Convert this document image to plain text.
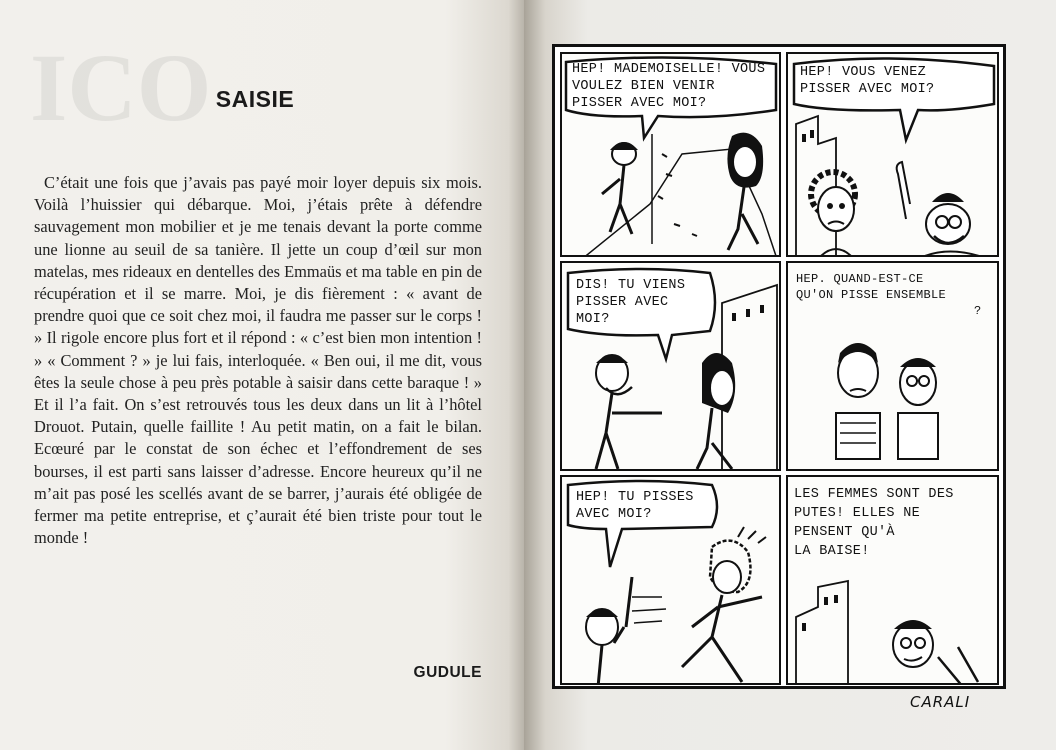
ICO SAISIE

C’était une fois que j’avais pas payé moir loyer depuis six mois. Voilà l’huissier qui débarque. Moi, j’étais prête à défendre sauvagement mon mobilier et je me tenais devant la porte comme une lionne au seuil de sa tanière. Il jette un coup d’œil sur mon matelas, mes rideaux en dentelles des Emmaüs et ma table en pin de récupération et il se marre. Moi, je dis fièrement : « avant de prendre quoi que ce soit chez moi, il faudra me passer sur le corps ! » Il rigole encore plus fort et il répond : « c’est bien mon intention ! » « Comment ? » je lui fais, interloquée. « Ben oui, il me dit, vous êtes la seule chose à peu près potable à saisir dans cette baraque ! » Et il l’a fait. On s’est retrouvés tous les deux dans un lit à l’hôtel Drouot. Putain, quelle faillite ! Au petit matin, on a fait le bilan. Ecœuré par le constat de son échec et l’effondrement de ses bourses, il est parti sans laisser d’adresse. Encore heureux qu’il ne m’ait pas posé les scellés avant de se barrer, j’aurais été obligée de fermer ma petite entreprise, et ç’aurait été bien triste pour tout le monde !

GUDULE
HEP! MADEMOISELLE! VOUS
VOULEZ BIEN VENIR
PISSER AVEC MOI?
HEP! VOUS VENEZ
PISSER AVEC MOI?
DIS! TU VIENS
PISSER AVEC
MOI?
HEP. QUAND-EST-CE
QU'ON PISSE ENSEMBLE
?
HEP! TU PISSES
AVEC MOI?
LES FEMMES SONT DES
PUTES! ELLES NE
PENSENT QU'À
LA BAISE!
CARALI
